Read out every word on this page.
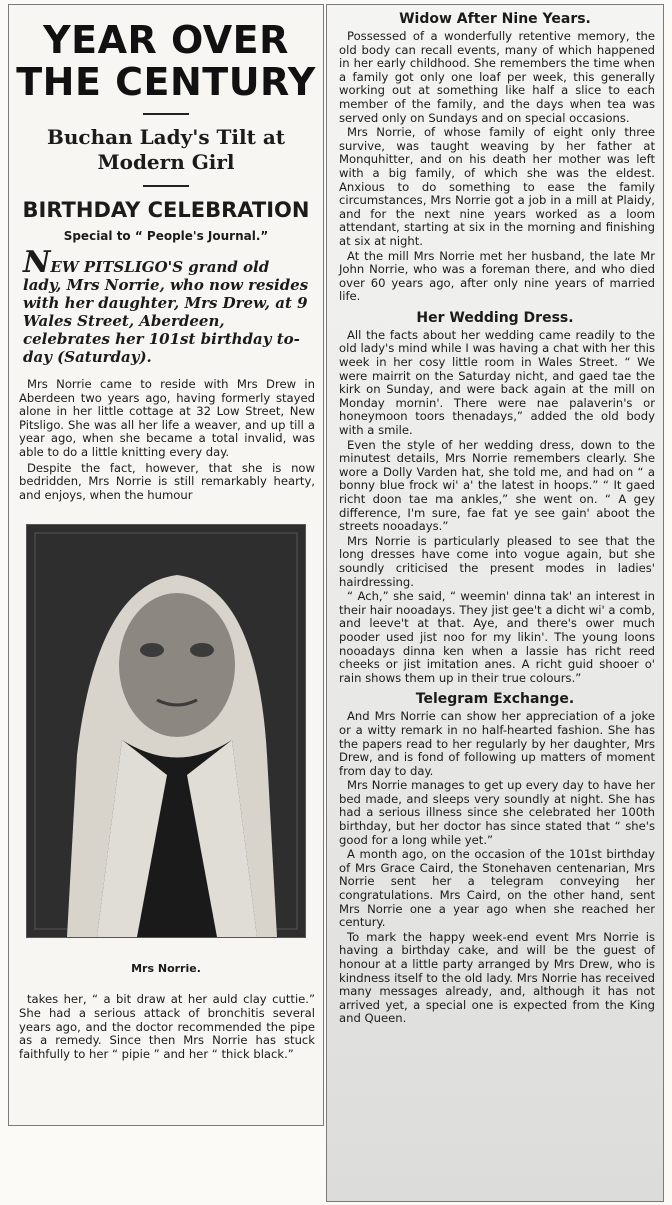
YEAR OVER THE CENTURY
Buchan Lady's Tilt at Modern Girl
BIRTHDAY CELEBRATION
Special to “ People's Journal.”
NEW PITSLIGO'S grand old lady, Mrs Norrie, who now resides with her daughter, Mrs Drew, at 9 Wales Street, Aberdeen, celebrates her 101st birthday to-day (Saturday).

Mrs Norrie came to reside with Mrs Drew in Aberdeen two years ago, having formerly stayed alone in her little cottage at 32 Low Street, New Pitsligo. She was all her life a weaver, and up till a year ago, when she became a total invalid, was able to do a little knitting every day.

Despite the fact, however, that she is now bedridden, Mrs Norrie is still remarkably hearty, and enjoys, when the humour

Mrs Norrie.

takes her, “ a bit draw at her auld clay cuttie.” She had a serious attack of bronchitis several years ago, and the doctor recommended the pipe as a remedy. Since then Mrs Norrie has stuck faithfully to her “ pipie ” and her “ thick black.”

Widow After Nine Years.

Possessed of a wonderfully retentive memory, the old body can recall events, many of which happened in her early childhood. She remembers the time when a family got only one loaf per week, this generally working out at something like half a slice to each member of the family, and the days when tea was served only on Sundays and on special occasions.

Mrs Norrie, of whose family of eight only three survive, was taught weaving by her father at Monquhitter, and on his death her mother was left with a big family, of which she was the eldest. Anxious to do something to ease the family circumstances, Mrs Norrie got a job in a mill at Plaidy, and for the next nine years worked as a loom attendant, starting at six in the morning and finishing at six at night.

At the mill Mrs Norrie met her husband, the late Mr John Norrie, who was a foreman there, and who died over 60 years ago, after only nine years of married life.

Her Wedding Dress.

All the facts about her wedding came readily to the old lady's mind while I was having a chat with her this week in her cosy little room in Wales Street. “ We were mairrit on the Saturday nicht, and gaed tae the kirk on Sunday, and were back again at the mill on Monday mornin'. There were nae palaverin's or honeymoon toors thenadays,” added the old body with a smile.

Even the style of her wedding dress, down to the minutest details, Mrs Norrie remembers clearly. She wore a Dolly Varden hat, she told me, and had on “ a bonny blue frock wi' a' the latest in hoops.” “ It gaed richt doon tae ma ankles,” she went on. “ A gey difference, I'm sure, fae fat ye see gain' aboot the streets nooadays.”

Mrs Norrie is particularly pleased to see that the long dresses have come into vogue again, but she soundly criticised the present modes in ladies' hairdressing.

“ Ach,” she said, “ weemin' dinna tak' an interest in their hair nooadays. They jist gee't a dicht wi' a comb, and leeve't at that. Aye, and there's ower much pooder used jist noo for my likin'. The young loons nooadays dinna ken when a lassie has richt reed cheeks or jist imitation anes. A richt guid shooer o' rain shows them up in their true colours.”

Telegram Exchange.

And Mrs Norrie can show her appreciation of a joke or a witty remark in no half-hearted fashion. She has the papers read to her regularly by her daughter, Mrs Drew, and is fond of following up matters of moment from day to day.

Mrs Norrie manages to get up every day to have her bed made, and sleeps very soundly at night. She has had a serious illness since she celebrated her 100th birthday, but her doctor has since stated that “ she's good for a long while yet.”

A month ago, on the occasion of the 101st birthday of Mrs Grace Caird, the Stonehaven centenarian, Mrs Norrie sent her a telegram conveying her congratulations. Mrs Caird, on the other hand, sent Mrs Norrie one a year ago when she reached her century.

To mark the happy week-end event Mrs Norrie is having a birthday cake, and will be the guest of honour at a little party arranged by Mrs Drew, who is kindness itself to the old lady. Mrs Norrie has received many messages already, and, although it has not arrived yet, a special one is expected from the King and Queen.
